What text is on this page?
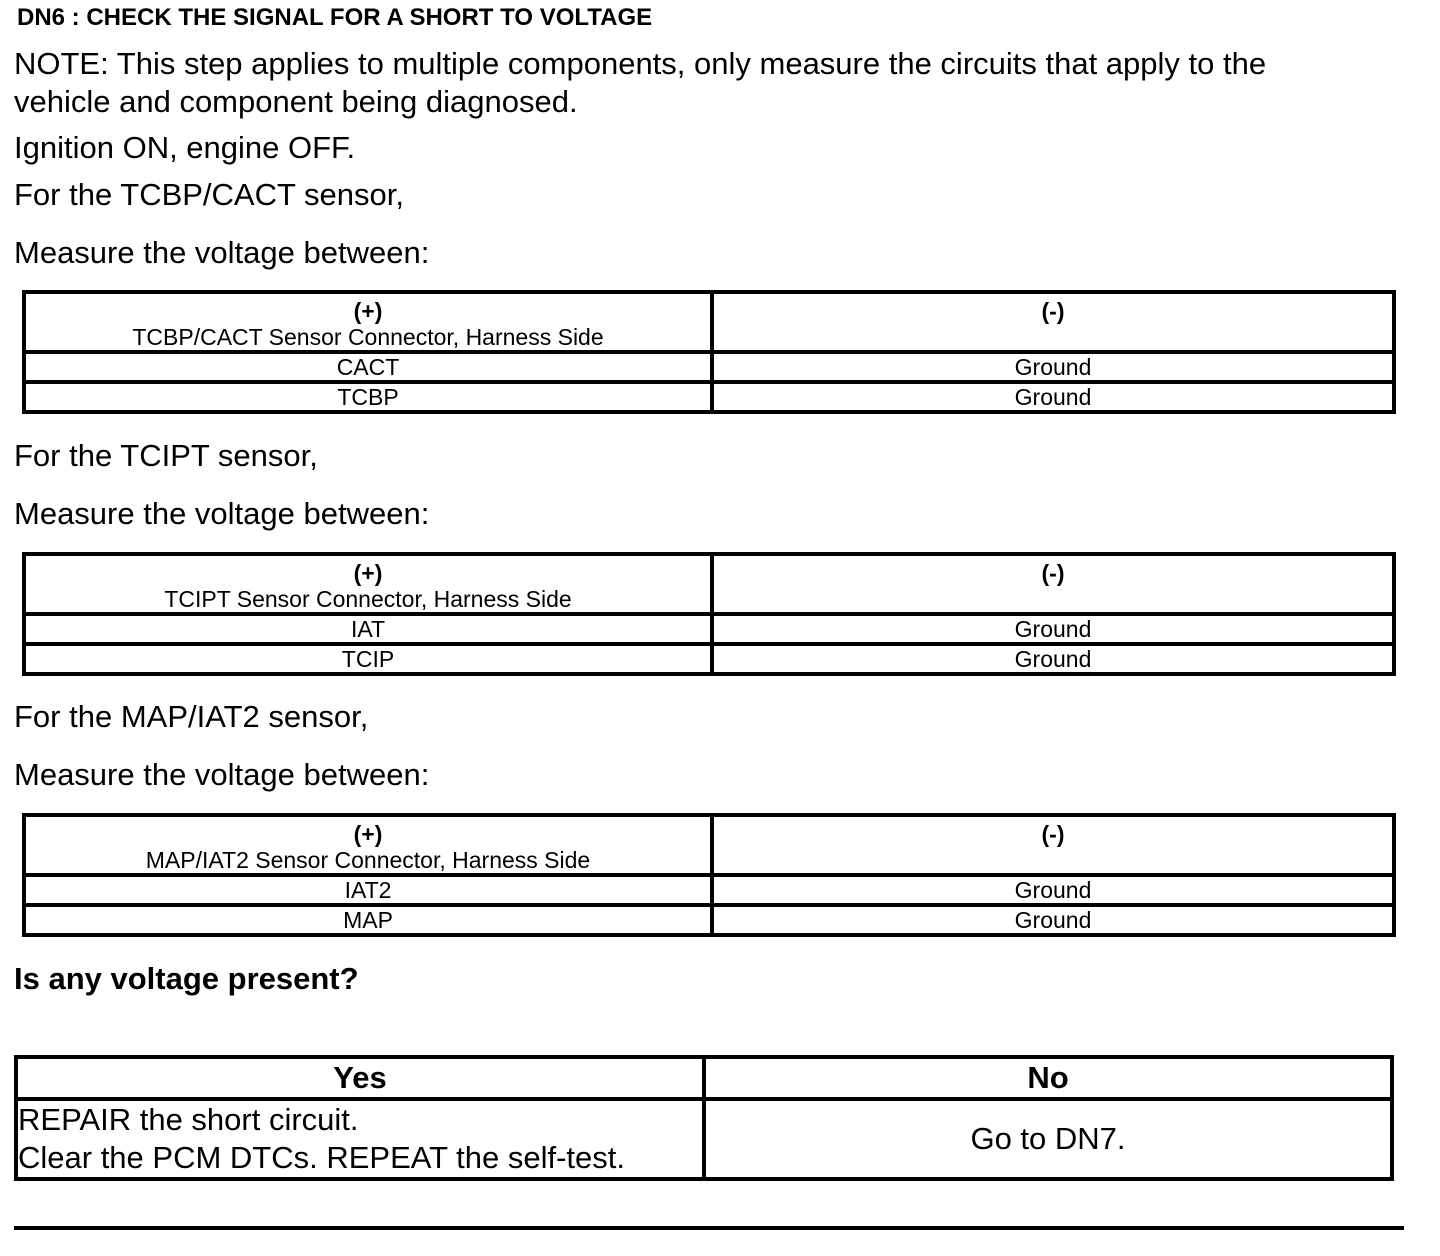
DN6 : CHECK THE SIGNAL FOR A SHORT TO VOLTAGE
NOTE: This step applies to multiple components, only measure the circuits that apply to the
vehicle and component being diagnosed.
Ignition ON, engine OFF.
For the TCBP/CACT sensor,
Measure the voltage between:
(+)
TCBP/CACT Sensor Connector, Harness Side	(-)

CACT	Ground
TCBP	Ground
For the TCIPT sensor,
Measure the voltage between:
(+)
TCIPT Sensor Connector, Harness Side	(-)

IAT	Ground
TCIP	Ground
For the MAP/IAT2 sensor,
Measure the voltage between:
(+)
MAP/IAT2 Sensor Connector, Harness Side	(-)

IAT2	Ground
MAP	Ground
Is any voltage present?
Yes	No

REPAIR the short circuit.
Clear the PCM DTCs. REPEAT the self-test.	Go to DN7.
